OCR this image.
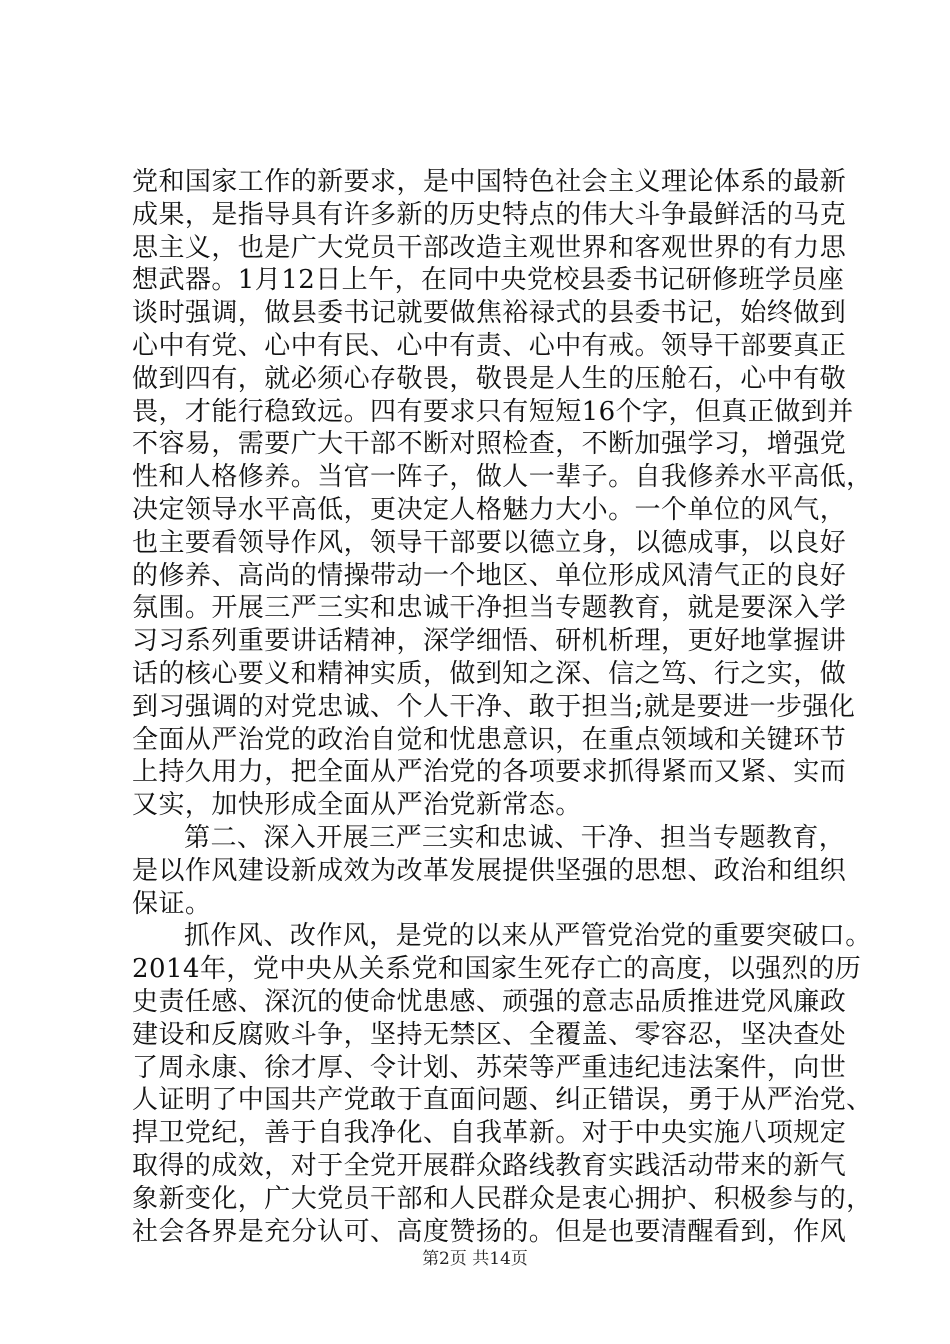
党和国家工作的新要求，是中国特色社会主义理论体系的最新
成果，是指导具有许多新的历史特点的伟大斗争最鲜活的马克
思主义，也是广大党员干部改造主观世界和客观世界的有力思
想武器。1月12日上午，在同中央党校县委书记研修班学员座
谈时强调，做县委书记就要做焦裕禄式的县委书记，始终做到
心中有党、心中有民、心中有责、心中有戒。领导干部要真正
做到四有，就必须心存敬畏，敬畏是人生的压舱石，心中有敬
畏，才能行稳致远。四有要求只有短短16个字，但真正做到并
不容易，需要广大干部不断对照检查，不断加强学习，增强党
性和人格修养。当官一阵子，做人一辈子。自我修养水平高低，
决定领导水平高低，更决定人格魅力大小。一个单位的风气，
也主要看领导作风，领导干部要以德立身，以德成事，以良好
的修养、高尚的情操带动一个地区、单位形成风清气正的良好
氛围。开展三严三实和忠诚干净担当专题教育，就是要深入学
习习系列重要讲话精神，深学细悟、研机析理，更好地掌握讲
话的核心要义和精神实质，做到知之深、信之笃、行之实，做
到习强调的对党忠诚、个人干净、敢于担当;就是要进一步强化
全面从严治党的政治自觉和忧患意识，在重点领域和关键环节
上持久用力，把全面从严治党的各项要求抓得紧而又紧、实而
又实，加快形成全面从严治党新常态。
第二、深入开展三严三实和忠诚、干净、担当专题教育，
是以作风建设新成效为改革发展提供坚强的思想、政治和组织
保证。
抓作风、改作风，是党的以来从严管党治党的重要突破口。
2014年，党中央从关系党和国家生死存亡的高度，以强烈的历
史责任感、深沉的使命忧患感、顽强的意志品质推进党风廉政
建设和反腐败斗争，坚持无禁区、全覆盖、零容忍，坚决查处
了周永康、徐才厚、令计划、苏荣等严重违纪违法案件，向世
人证明了中国共产党敢于直面问题、纠正错误，勇于从严治党、
捍卫党纪，善于自我净化、自我革新。对于中央实施八项规定
取得的成效，对于全党开展群众路线教育实践活动带来的新气
象新变化，广大党员干部和人民群众是衷心拥护、积极参与的，
社会各界是充分认可、高度赞扬的。但是也要清醒看到，作风
第2页 共14页
